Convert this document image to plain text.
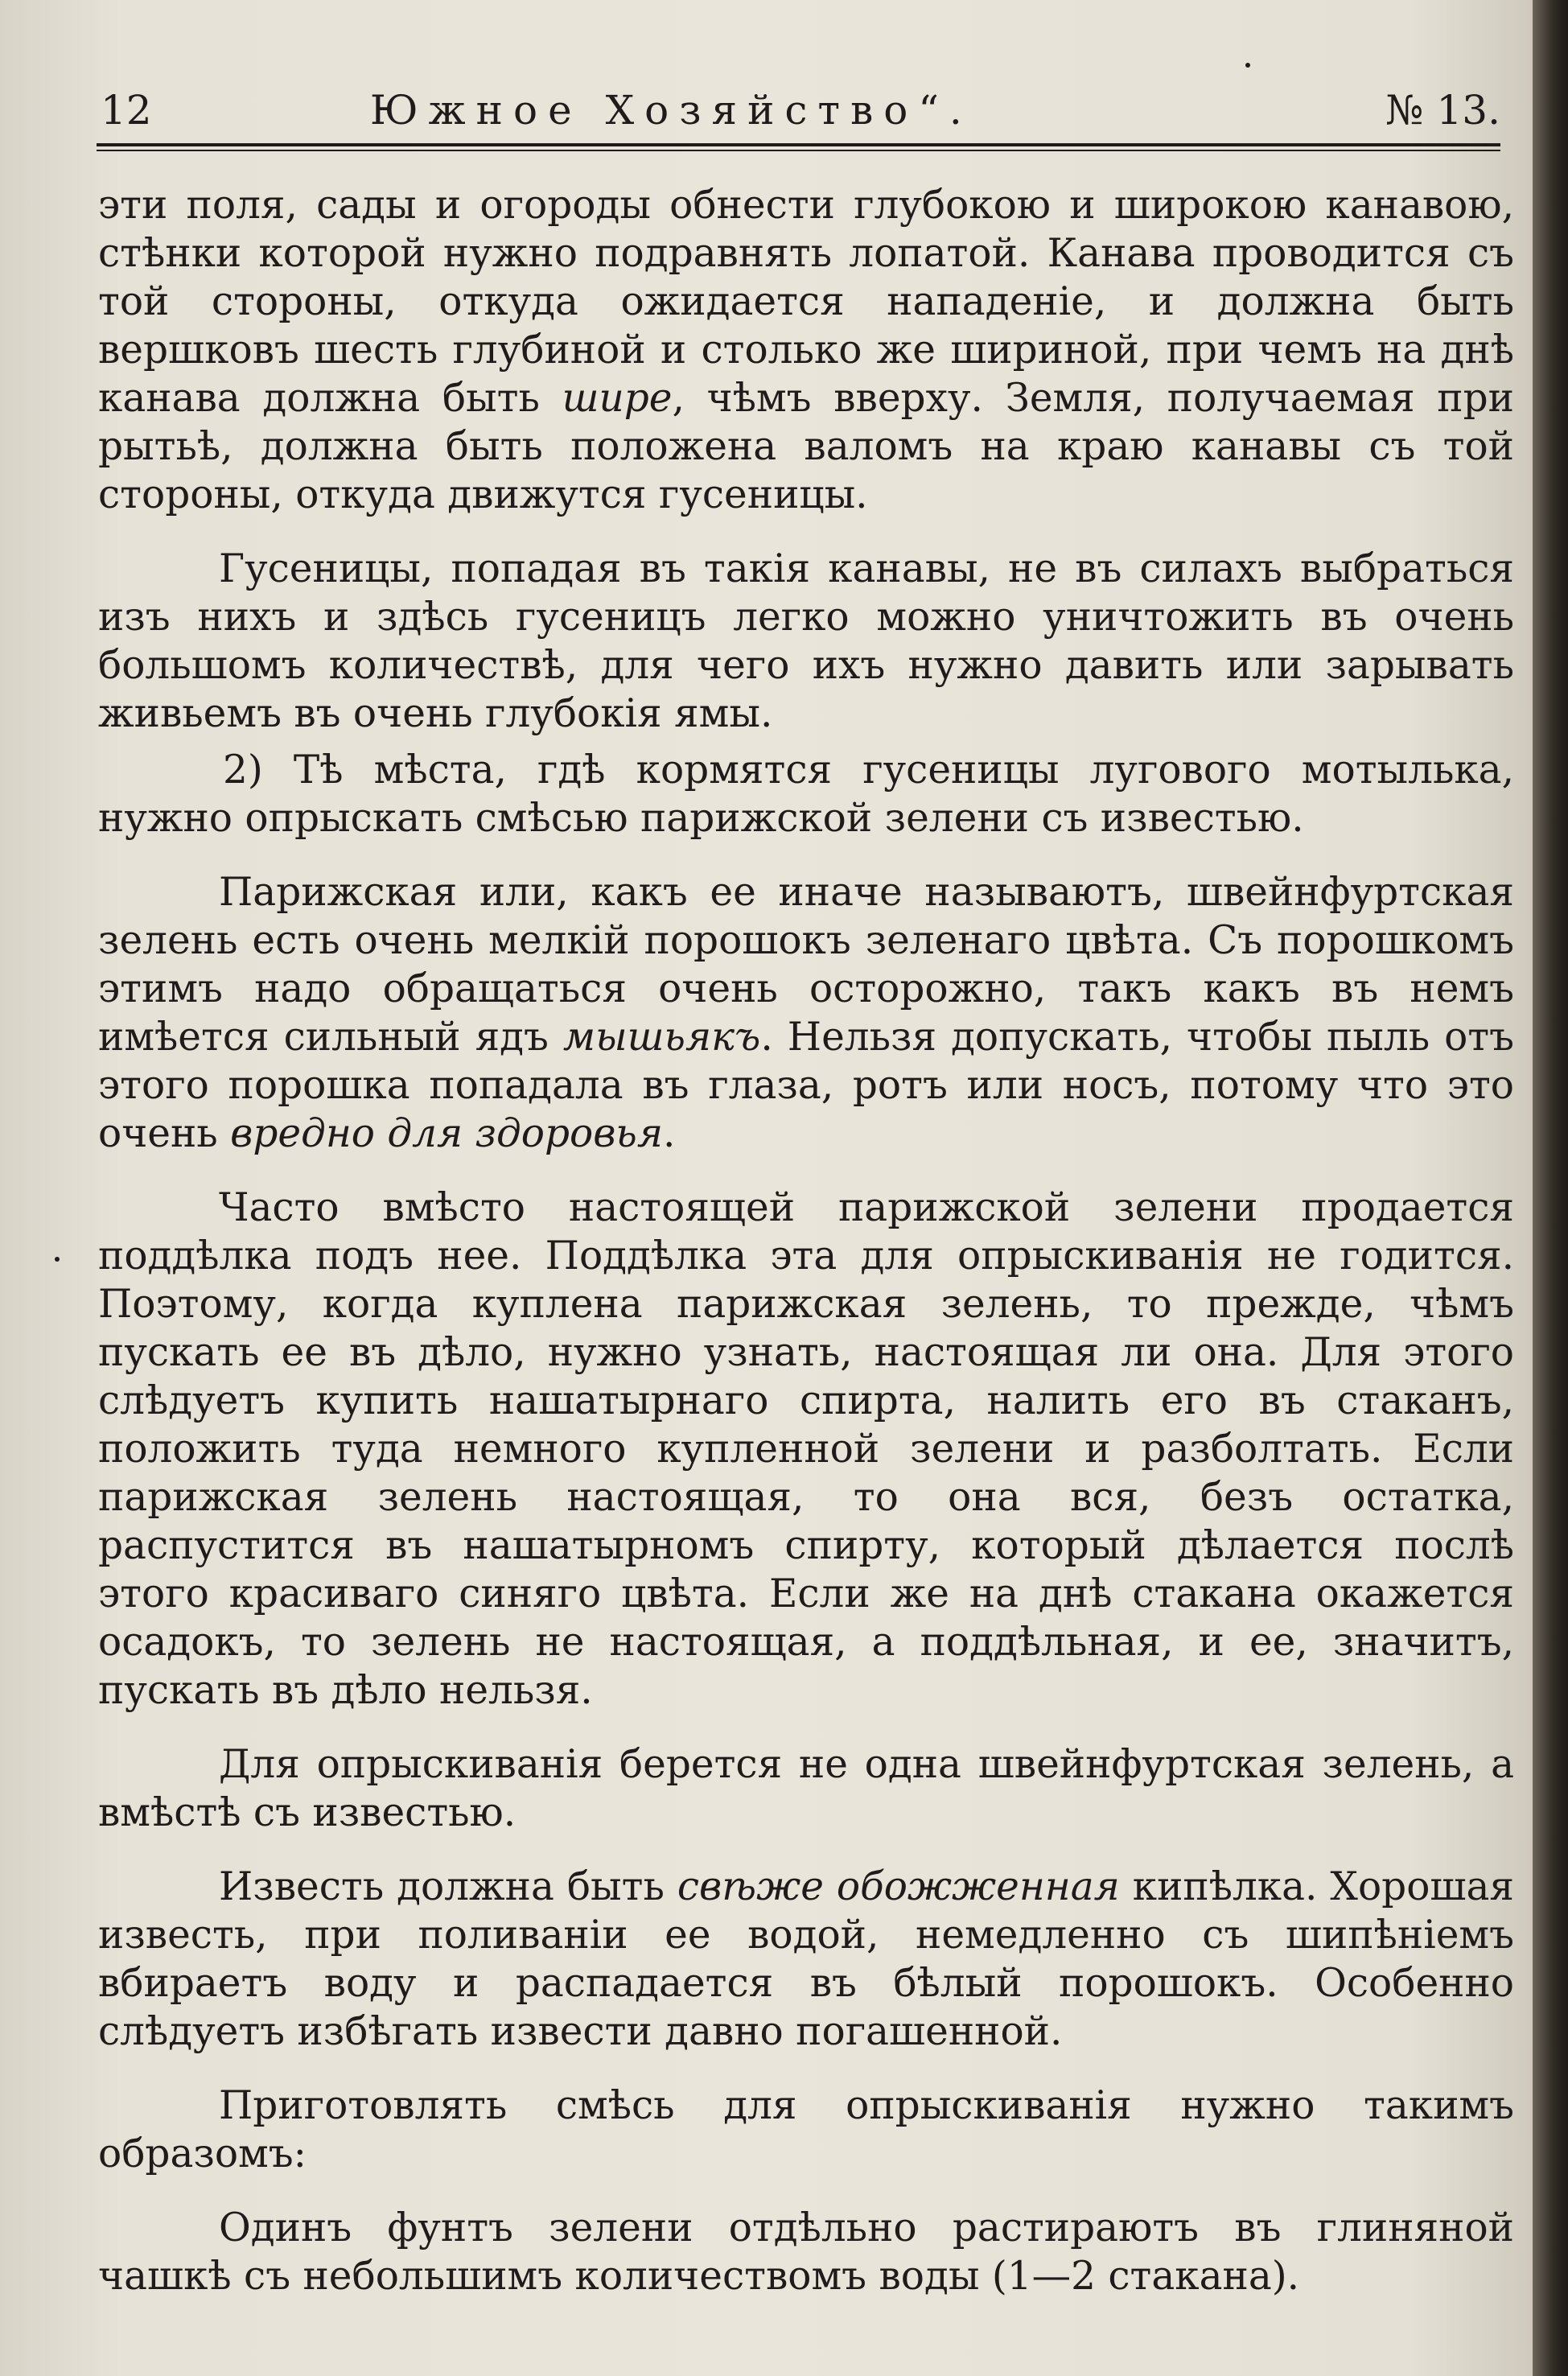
12	Южное Хозяйство“.	№ 13.

эти поля, сады и огороды обнести глубокою и широкою канавою, стѣнки которой нужно подравнять лопатой. Канава проводится съ той стороны, откуда ожидается нападеніе, и должна быть вершковъ шесть глубиной и столько же шириной, при чемъ на днѣ канава должна быть шире, чѣмъ вверху. Земля, получаемая при рытьѣ, должна быть положена валомъ на краю канавы съ той стороны, откуда движутся гусеницы.

Гусеницы, попадая въ такія канавы, не въ силахъ выбраться изъ нихъ и здѣсь гусеницъ легко можно уничтожить въ очень большомъ количествѣ, для чего ихъ нужно давить или зарывать живьемъ въ очень глубокія ямы.

2) Тѣ мѣста, гдѣ кормятся гусеницы лугового мотылька, нужно опрыскать смѣсью парижской зелени съ известью.

Парижская или, какъ ее иначе называютъ, швейнфуртская зелень есть очень мелкій порошокъ зеленаго цвѣта. Съ порошкомъ этимъ надо обращаться очень осторожно, такъ какъ въ немъ имѣется сильный ядъ мышьякъ. Нельзя допускать, чтобы пыль отъ этого порошка попадала въ глаза, ротъ или носъ, потому что это очень вредно для здоровья.

Часто вмѣсто настоящей парижской зелени продается поддѣлка подъ нее. Поддѣлка эта для опрыскиванія не годится. Поэтому, когда куплена парижская зелень, то прежде, чѣмъ пускать ее въ дѣло, нужно узнать, настоящая ли она. Для этого слѣдуетъ купить нашатырнаго спирта, налить его въ стаканъ, положить туда немного купленной зелени и разболтать. Если парижская зелень настоящая, то она вся, безъ остатка, распустится въ нашатырномъ спирту, который дѣлается послѣ этого красиваго синяго цвѣта. Если же на днѣ стакана окажется осадокъ, то зелень не настоящая, а поддѣльная, и ее, значитъ, пускать въ дѣло нельзя.

Для опрыскиванія берется не одна швейнфуртская зелень, а вмѣстѣ съ известью.

Известь должна быть свѣже обожженная кипѣлка. Хорошая известь, при поливаніи ее водой, немедленно съ шипѣніемъ вбираетъ воду и распадается въ бѣлый порошокъ. Особенно слѣдуетъ избѣгать извести давно погашенной.

Приготовлять смѣсь для опрыскиванія нужно такимъ образомъ:

Одинъ фунтъ зелени отдѣльно растираютъ въ глиняной чашкѣ съ небольшимъ количествомъ воды (1—2 стакана).
